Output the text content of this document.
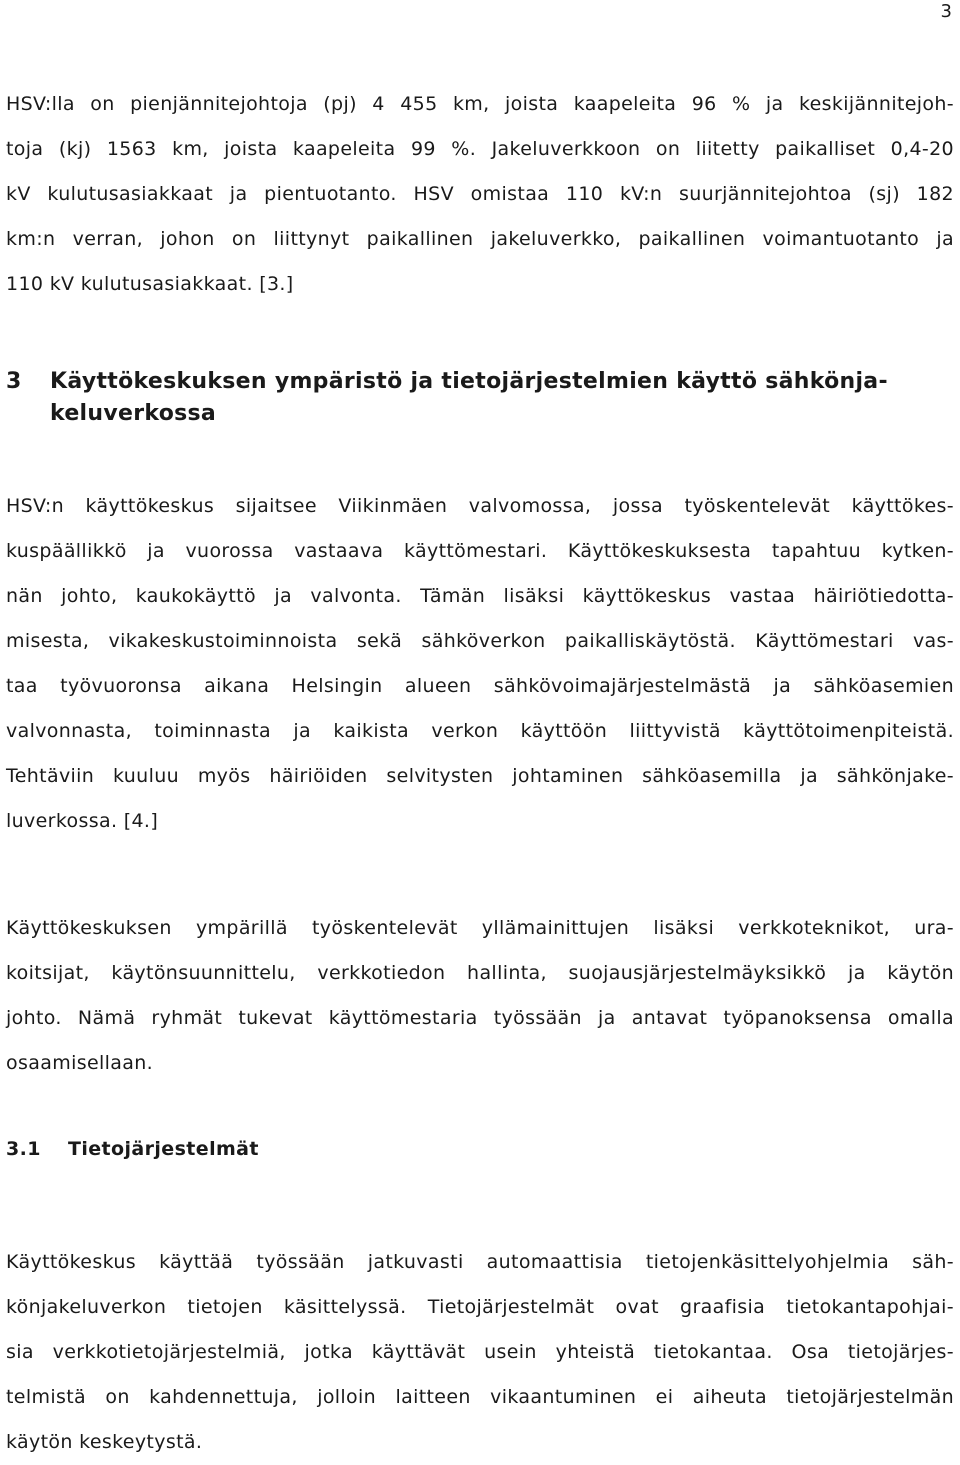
3
HSV:lla on pienjännitejohtoja (pj) 4 455 km, joista kaapeleita 96 % ja keskijännitejoh-
toja (kj) 1563 km, joista kaapeleita 99 %. Jakeluverkkoon on liitetty paikalliset 0,4-20
kV kulutusasiakkaat ja pientuotanto. HSV omistaa 110 kV:n suurjännitejohtoa (sj) 182
km:n verran, johon on liittynyt paikallinen jakeluverkko, paikallinen voimantuotanto ja
110 kV kulutusasiakkaat. [3.]
3 Käyttökeskuksen ympäristö ja tietojärjestelmien käyttö sähkönja-
keluverkossa
HSV:n käyttökeskus sijaitsee Viikinmäen valvomossa, jossa työskentelevät käyttökes-
kuspäällikkö ja vuorossa vastaava käyttömestari. Käyttökeskuksesta tapahtuu kytken-
nän johto, kaukokäyttö ja valvonta. Tämän lisäksi käyttökeskus vastaa häiriötiedotta-
misesta, vikakeskustoiminnoista sekä sähköverkon paikalliskäytöstä. Käyttömestari vas-
taa työvuoronsa aikana Helsingin alueen sähkövoimajärjestelmästä ja sähköasemien
valvonnasta, toiminnasta ja kaikista verkon käyttöön liittyvistä käyttötoimenpiteistä.
Tehtäviin kuuluu myös häiriöiden selvitysten johtaminen sähköasemilla ja sähkönjake-
luverkossa. [4.]
Käyttökeskuksen ympärillä työskentelevät yllämainittujen lisäksi verkkoteknikot, ura-
koitsijat, käytönsuunnittelu, verkkotiedon hallinta, suojausjärjestelmäyksikkö ja käytön
johto. Nämä ryhmät tukevat käyttömestaria työssään ja antavat työpanoksensa omalla
osaamisellaan.
3.1 Tietojärjestelmät
Käyttökeskus käyttää työssään jatkuvasti automaattisia tietojenkäsittelyohjelmia säh-
könjakeluverkon tietojen käsittelyssä. Tietojärjestelmät ovat graafisia tietokantapohjai-
sia verkkotietojärjestelmiä, jotka käyttävät usein yhteistä tietokantaa. Osa tietojärjes-
telmistä on kahdennettuja, jolloin laitteen vikaantuminen ei aiheuta tietojärjestelmän
käytön keskeytystä.
